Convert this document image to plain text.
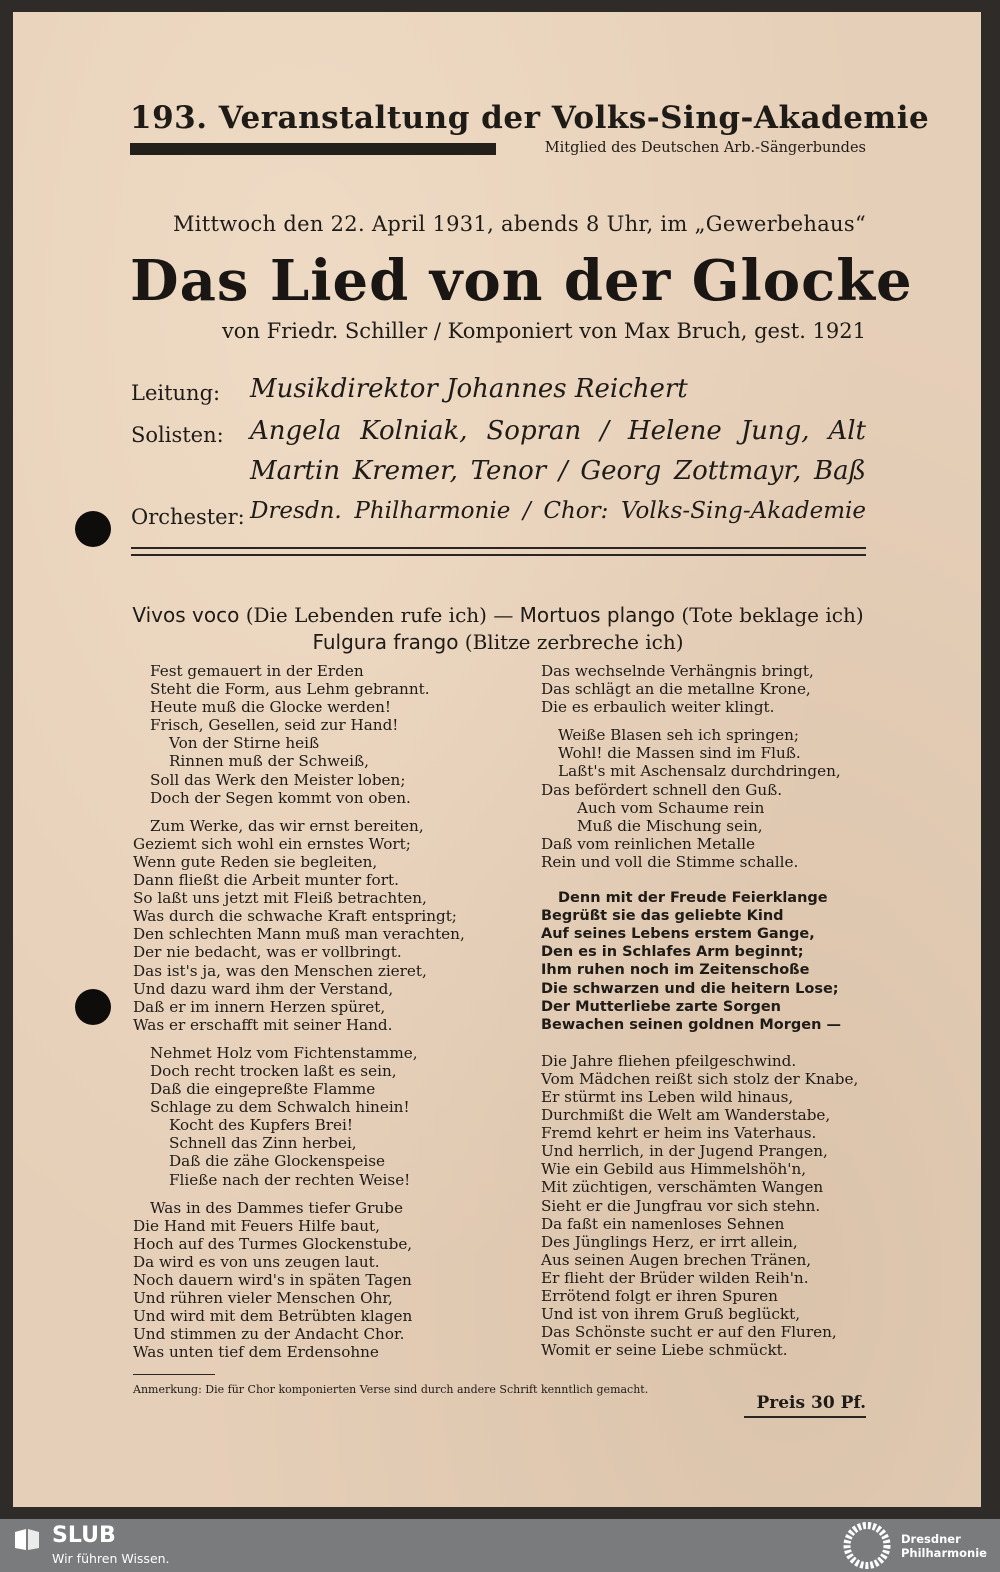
193. Veranstaltung der Volks-Sing-Akademie
Mitglied des Deutschen Arb.-Sängerbundes
Mittwoch den 22. April 1931, abends 8 Uhr, im „Gewerbehaus“
Das Lied von der Glocke
von Friedr. Schiller / Komponiert von Max Bruch, gest. 1921
Leitung: Musikdirektor Johannes Reichert
Solisten: Angela Kolniak, Sopran / Helene Jung, Alt
Martin Kremer, Tenor / Georg Zottmayr, Baß
Orchester: Dresdn. Philharmonie / Chor: Volks-Sing-Akademie
Vivos voco (Die Lebenden rufe ich) — Mortuos plango (Tote beklage ich)
Fulgura frango (Blitze zerbreche ich)
Fest gemauert in der Erden
Steht die Form, aus Lehm gebrannt.
Heute muß die Glocke werden!
Frisch, Gesellen, seid zur Hand!
Von der Stirne heiß
Rinnen muß der Schweiß,
Soll das Werk den Meister loben;
Doch der Segen kommt von oben.
Zum Werke, das wir ernst bereiten,
Geziemt sich wohl ein ernstes Wort;
Wenn gute Reden sie begleiten,
Dann fließt die Arbeit munter fort.
So laßt uns jetzt mit Fleiß betrachten,
Was durch die schwache Kraft entspringt;
Den schlechten Mann muß man verachten,
Der nie bedacht, was er vollbringt.
Das ist's ja, was den Menschen zieret,
Und dazu ward ihm der Verstand,
Daß er im innern Herzen spüret,
Was er erschafft mit seiner Hand.
Nehmet Holz vom Fichtenstamme,
Doch recht trocken laßt es sein,
Daß die eingepreßte Flamme
Schlage zu dem Schwalch hinein!
Kocht des Kupfers Brei!
Schnell das Zinn herbei,
Daß die zähe Glockenspeise
Fließe nach der rechten Weise!
Was in des Dammes tiefer Grube
Die Hand mit Feuers Hilfe baut,
Hoch auf des Turmes Glockenstube,
Da wird es von uns zeugen laut.
Noch dauern wird's in späten Tagen
Und rühren vieler Menschen Ohr,
Und wird mit dem Betrübten klagen
Und stimmen zu der Andacht Chor.
Was unten tief dem Erdensohne
Das wechselnde Verhängnis bringt,
Das schlägt an die metallne Krone,
Die es erbaulich weiter klingt.
Weiße Blasen seh ich springen;
Wohl! die Massen sind im Fluß.
Laßt's mit Aschensalz durchdringen,
Das befördert schnell den Guß.
Auch vom Schaume rein
Muß die Mischung sein,
Daß vom reinlichen Metalle
Rein und voll die Stimme schalle.
Denn mit der Freude Feierklange
Begrüßt sie das geliebte Kind
Auf seines Lebens erstem Gange,
Den es in Schlafes Arm beginnt;
Ihm ruhen noch im Zeitenschoße
Die schwarzen und die heitern Lose;
Der Mutterliebe zarte Sorgen
Bewachen seinen goldnen Morgen —
Die Jahre fliehen pfeilgeschwind.
Vom Mädchen reißt sich stolz der Knabe,
Er stürmt ins Leben wild hinaus,
Durchmißt die Welt am Wanderstabe,
Fremd kehrt er heim ins Vaterhaus.
Und herrlich, in der Jugend Prangen,
Wie ein Gebild aus Himmelshöh'n,
Mit züchtigen, verschämten Wangen
Sieht er die Jungfrau vor sich stehn.
Da faßt ein namenloses Sehnen
Des Jünglings Herz, er irrt allein,
Aus seinen Augen brechen Tränen,
Er flieht der Brüder wilden Reih'n.
Errötend folgt er ihren Spuren
Und ist von ihrem Gruß beglückt,
Das Schönste sucht er auf den Fluren,
Womit er seine Liebe schmückt.
Anmerkung: Die für Chor komponierten Verse sind durch andere Schrift kenntlich gemacht.
Preis 30 Pf.
SLUB
Wir führen Wissen.
Dresdner
Philharmonie
